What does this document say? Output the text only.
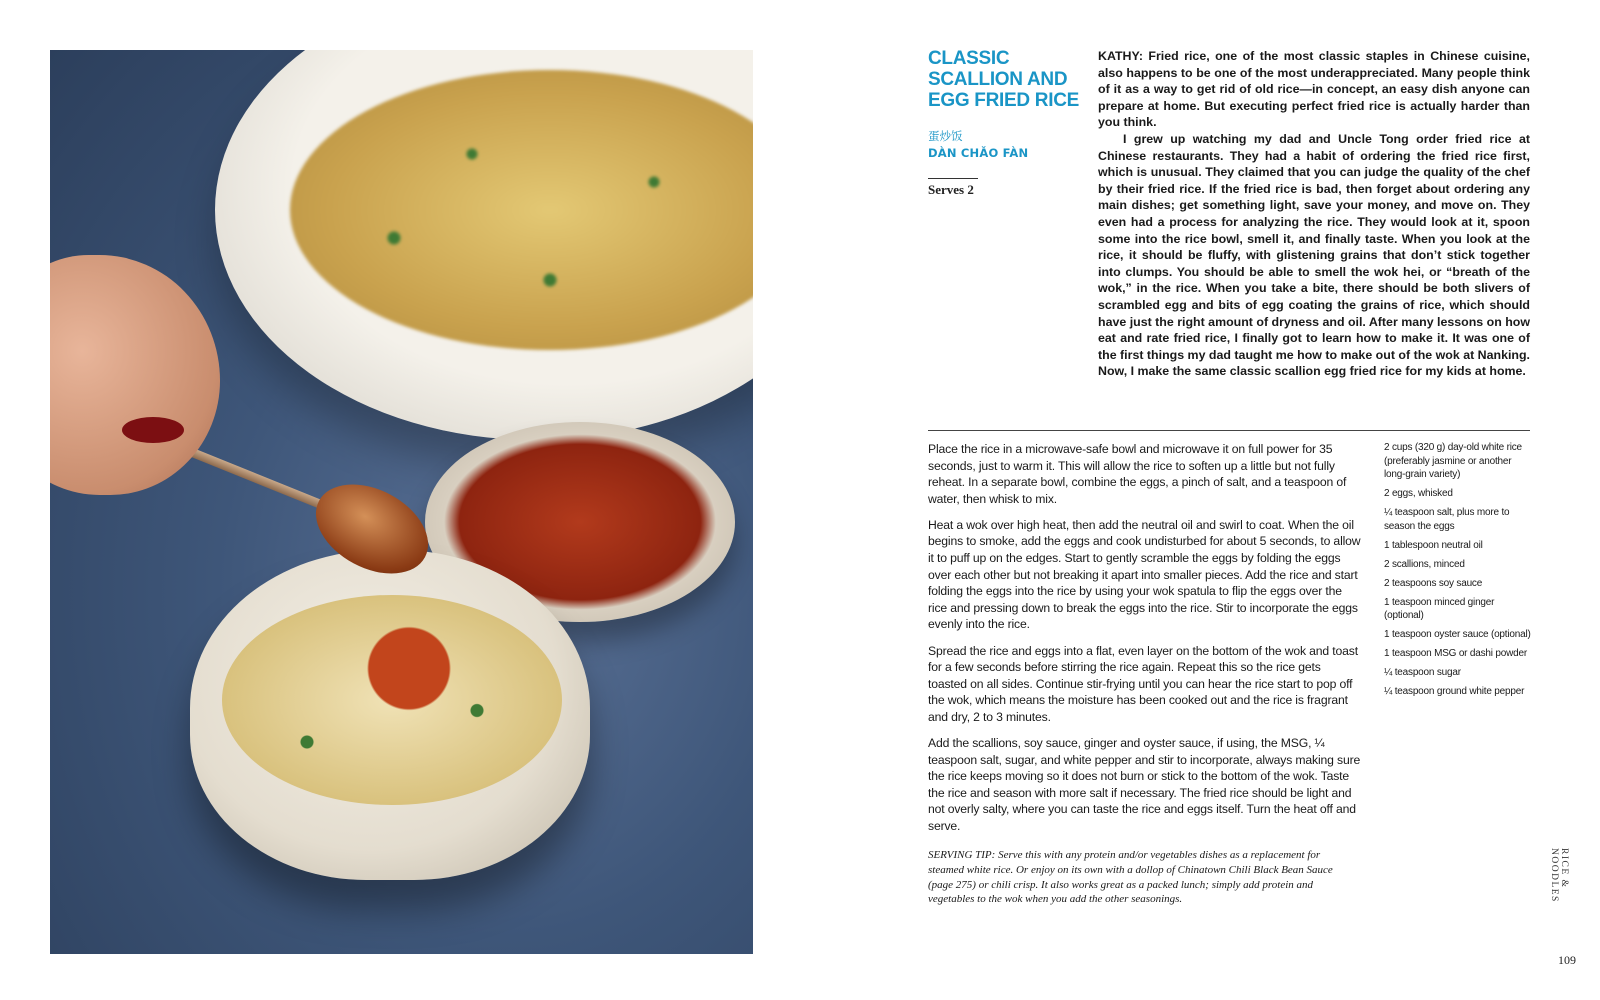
CLASSIC SCALLION AND EGG FRIED RICE
蛋炒饭
DÀN CHǍO FÀN
Serves 2

KATHY: Fried rice, one of the most classic staples in Chinese cuisine, also happens to be one of the most underappreciated. Many people think of it as a way to get rid of old rice—in concept, an easy dish anyone can prepare at home. But executing perfect fried rice is actually harder than you think.

I grew up watching my dad and Uncle Tong order fried rice at Chinese restaurants. They had a habit of ordering the fried rice first, which is unusual. They claimed that you can judge the quality of the chef by their fried rice. If the fried rice is bad, then forget about ordering any main dishes; get something light, save your money, and move on. They even had a process for analyzing the rice. They would look at it, spoon some into the rice bowl, smell it, and finally taste. When you look at the rice, it should be fluffy, with glistening grains that don’t stick together into clumps. You should be able to smell the wok hei, or “breath of the wok,” in the rice. When you take a bite, there should be both slivers of scrambled egg and bits of egg coating the grains of rice, which should have just the right amount of dryness and oil. After many lessons on how eat and rate fried rice, I finally got to learn how to make it. It was one of the first things my dad taught me how to make out of the wok at Nanking. Now, I make the same classic scallion egg fried rice for my kids at home.

Place the rice in a microwave-safe bowl and microwave it on full power for 35 seconds, just to warm it. This will allow the rice to soften up a little but not fully reheat. In a separate bowl, combine the eggs, a pinch of salt, and a teaspoon of water, then whisk to mix.

Heat a wok over high heat, then add the neutral oil and swirl to coat. When the oil begins to smoke, add the eggs and cook undisturbed for about 5 seconds, to allow it to puff up on the edges. Start to gently scramble the eggs by folding the eggs over each other but not breaking it apart into smaller pieces. Add the rice and start folding the eggs into the rice by using your wok spatula to flip the eggs over the rice and pressing down to break the eggs into the rice. Stir to incorporate the eggs evenly into the rice.

Spread the rice and eggs into a flat, even layer on the bottom of the wok and toast for a few seconds before stirring the rice again. Repeat this so the rice gets toasted on all sides. Continue stir-frying until you can hear the rice start to pop off the wok, which means the moisture has been cooked out and the rice is fragrant and dry, 2 to 3 minutes.

Add the scallions, soy sauce, ginger and oyster sauce, if using, the MSG, ¼ teaspoon salt, sugar, and white pepper and stir to incorporate, always making sure the rice keeps moving so it does not burn or stick to the bottom of the wok. Taste the rice and season with more salt if necessary. The fried rice should be light and not overly salty, where you can taste the rice and eggs itself. Turn the heat off and serve.

SERVING TIP: Serve this with any protein and/or vegetables dishes as a replacement for steamed white rice. Or enjoy on its own with a dollop of Chinatown Chili Black Bean Sauce (page 275) or chili crisp. It also works great as a packed lunch; simply add protein and vegetables to the wok when you add the other seasonings.

2 cups (320 g) day-old white rice (preferably jasmine or another long-grain variety)
2 eggs, whisked
¼ teaspoon salt, plus more to season the eggs
1 tablespoon neutral oil
2 scallions, minced
2 teaspoons soy sauce
1 teaspoon minced ginger (optional)
1 teaspoon oyster sauce (optional)
1 teaspoon MSG or dashi powder
¼ teaspoon sugar
¼ teaspoon ground white pepper
RICE & NOODLES
109
